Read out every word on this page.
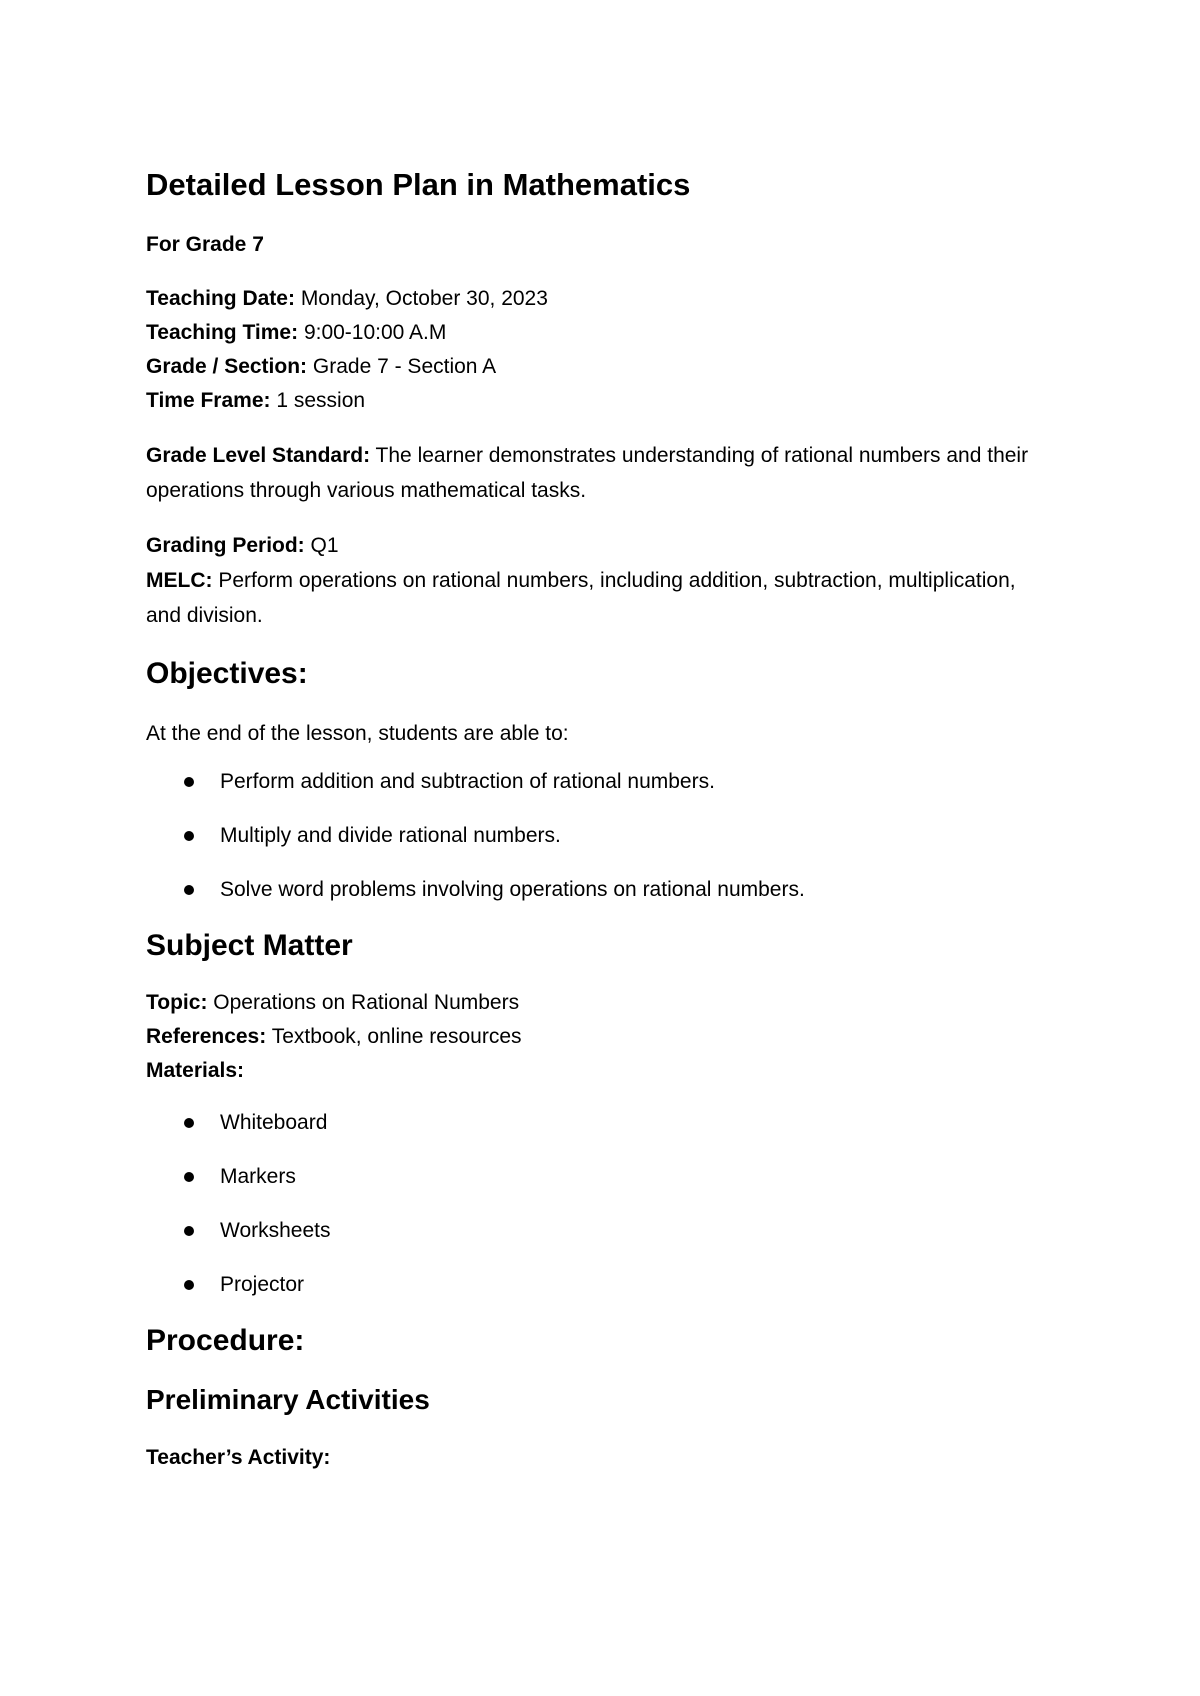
Detailed Lesson Plan in Mathematics
For Grade 7
Teaching Date: Monday, October 30, 2023
Teaching Time: 9:00-10:00 A.M
Grade / Section: Grade 7 - Section A
Time Frame: 1 session
Grade Level Standard: The learner demonstrates understanding of rational numbers and their operations through various mathematical tasks.
Grading Period: Q1
MELC: Perform operations on rational numbers, including addition, subtraction, multiplication, and division.
Objectives:
At the end of the lesson, students are able to:
Perform addition and subtraction of rational numbers.
Multiply and divide rational numbers.
Solve word problems involving operations on rational numbers.
Subject Matter
Topic: Operations on Rational Numbers
References: Textbook, online resources
Materials:
Whiteboard
Markers
Worksheets
Projector
Procedure:
Preliminary Activities
Teacher’s Activity:
